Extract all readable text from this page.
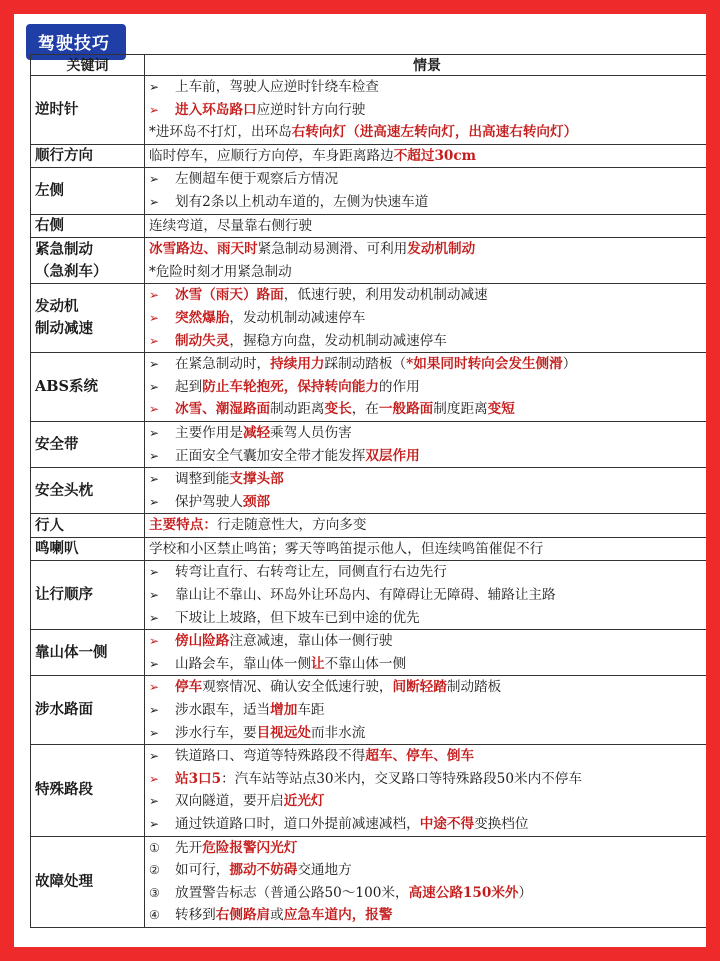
驾驶技巧
关键词	情景

逆时针	➢ 上车前，驾驶人应逆时针绕车检查
➢ 进入环岛路口应逆时针方向行驶
*进环岛不打灯，出环岛右转向灯（进高速左转向灯，出高速右转向灯）

顺行方向	临时停车，应顺行方向停，车身距离路边不超过30cm

左侧	➢ 左侧超车便于观察后方情况
➢ 划有2条以上机动车道的，左侧为快速车道

右侧	连续弯道，尽量靠右侧行驶

紧急制动
（急刹车）	冰雪路边、雨天时紧急制动易测滑、可利用发动机制动
*危险时刻才用紧急制动

发动机
制动减速	➢ 冰雪（雨天）路面，低速行驶，利用发动机制动减速
➢ 突然爆胎，发动机制动减速停车
➢ 制动失灵，握稳方向盘，发动机制动减速停车

ABS系统	➢ 在紧急制动时，持续用力踩制动踏板（*如果同时转向会发生侧滑）
➢ 起到防止车轮抱死，保持转向能力的作用
➢ 冰雪、潮湿路面制动距离变长，在一般路面制度距离变短

安全带	➢ 主要作用是减轻乘驾人员伤害
➢ 正面安全气囊加安全带才能发挥双层作用

安全头枕	➢ 调整到能支撑头部
➢ 保护驾驶人颈部

行人	主要特点：行走随意性大，方向多变

鸣喇叭	学校和小区禁止鸣笛；雾天等鸣笛提示他人，但连续鸣笛催促不行

让行顺序	➢ 转弯让直行、右转弯让左，同侧直行右边先行
➢ 靠山让不靠山、环岛外让环岛内、有障碍让无障碍、辅路让主路
➢ 下坡让上坡路，但下坡车已到中途的优先

靠山体一侧	➢ 傍山险路注意减速，靠山体一侧行驶
➢ 山路会车，靠山体一侧让不靠山体一侧

涉水路面	➢ 停车观察情况、确认安全低速行驶，间断轻踏制动踏板
➢ 涉水跟车，适当增加车距
➢ 涉水行车，要目视远处而非水流

特殊路段	➢ 铁道路口、弯道等特殊路段不得超车、停车、倒车
➢ 站3口5：汽车站等站点30米内，交叉路口等特殊路段50米内不停车
➢ 双向隧道，要开启近光灯
➢ 通过铁道路口时，道口外提前减速减档，中途不得变换档位

故障处理	① 先开危险报警闪光灯
② 如可行，挪动不妨碍交通地方
③ 放置警告标志（普通公路50～100米，高速公路150米外）
④ 转移到右侧路肩或应急车道内，报警
